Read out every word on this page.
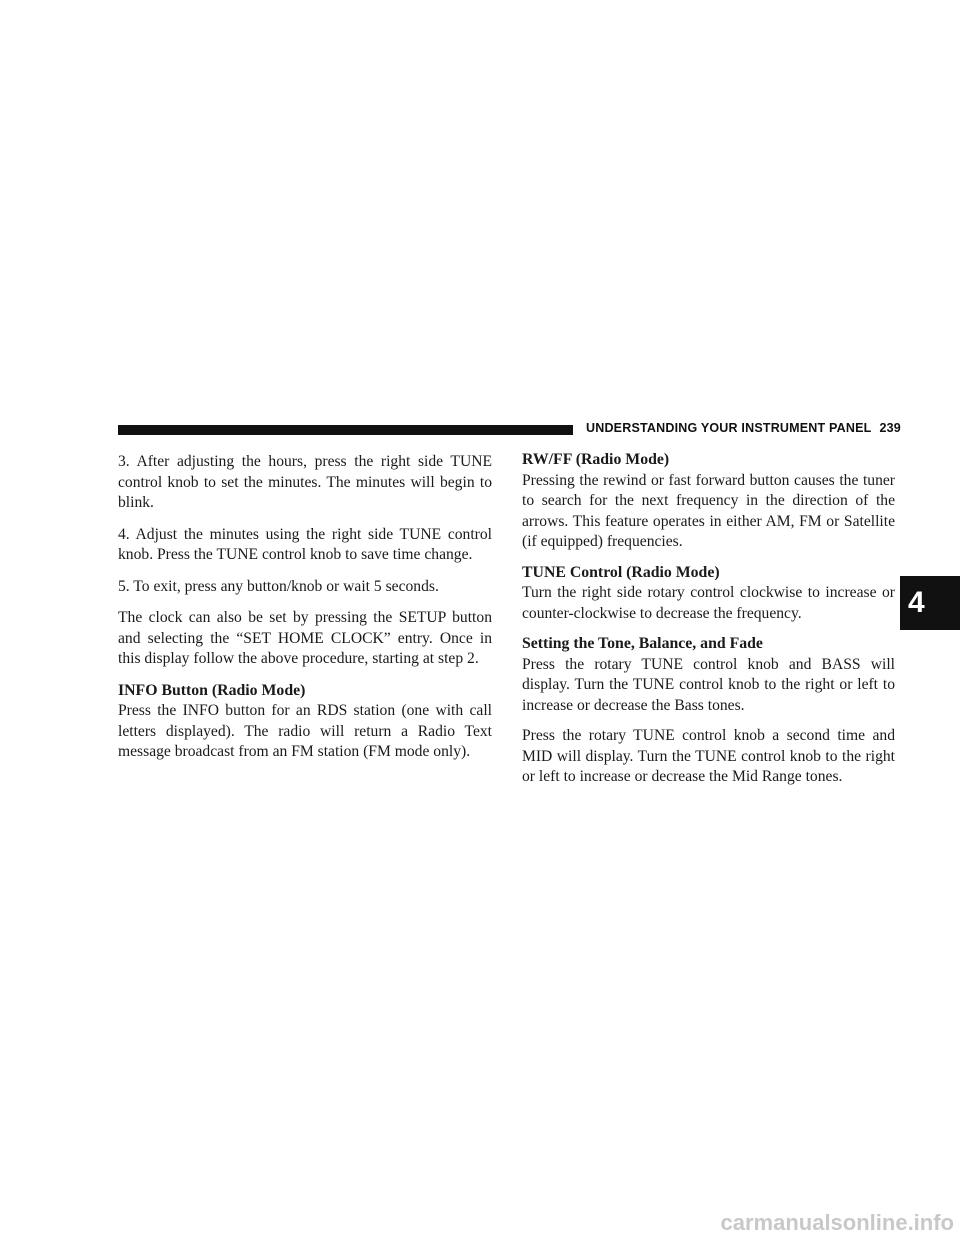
UNDERSTANDING YOUR INSTRUMENT PANEL 239

3. After adjusting the hours, press the right side TUNE control knob to set the minutes. The minutes will begin to blink.

4. Adjust the minutes using the right side TUNE control knob. Press the TUNE control knob to save time change.

5. To exit, press any button/knob or wait 5 seconds.

The clock can also be set by pressing the SETUP button and selecting the “SET HOME CLOCK” entry. Once in this display follow the above procedure, starting at step 2.

INFO Button (Radio Mode)

Press the INFO button for an RDS station (one with call letters displayed). The radio will return a Radio Text message broadcast from an FM station (FM mode only).

RW/FF (Radio Mode)

Pressing the rewind or fast forward button causes the tuner to search for the next frequency in the direction of the arrows. This feature operates in either AM, FM or Satellite (if equipped) frequencies.

TUNE Control (Radio Mode)

Turn the right side rotary control clockwise to increase or counter-clockwise to decrease the frequency.

Setting the Tone, Balance, and Fade

Press the rotary TUNE control knob and BASS will display. Turn the TUNE control knob to the right or left to increase or decrease the Bass tones.

Press the rotary TUNE control knob a second time and MID will display. Turn the TUNE control knob to the right or left to increase or decrease the Mid Range tones.

4
carmanualsonline.info
